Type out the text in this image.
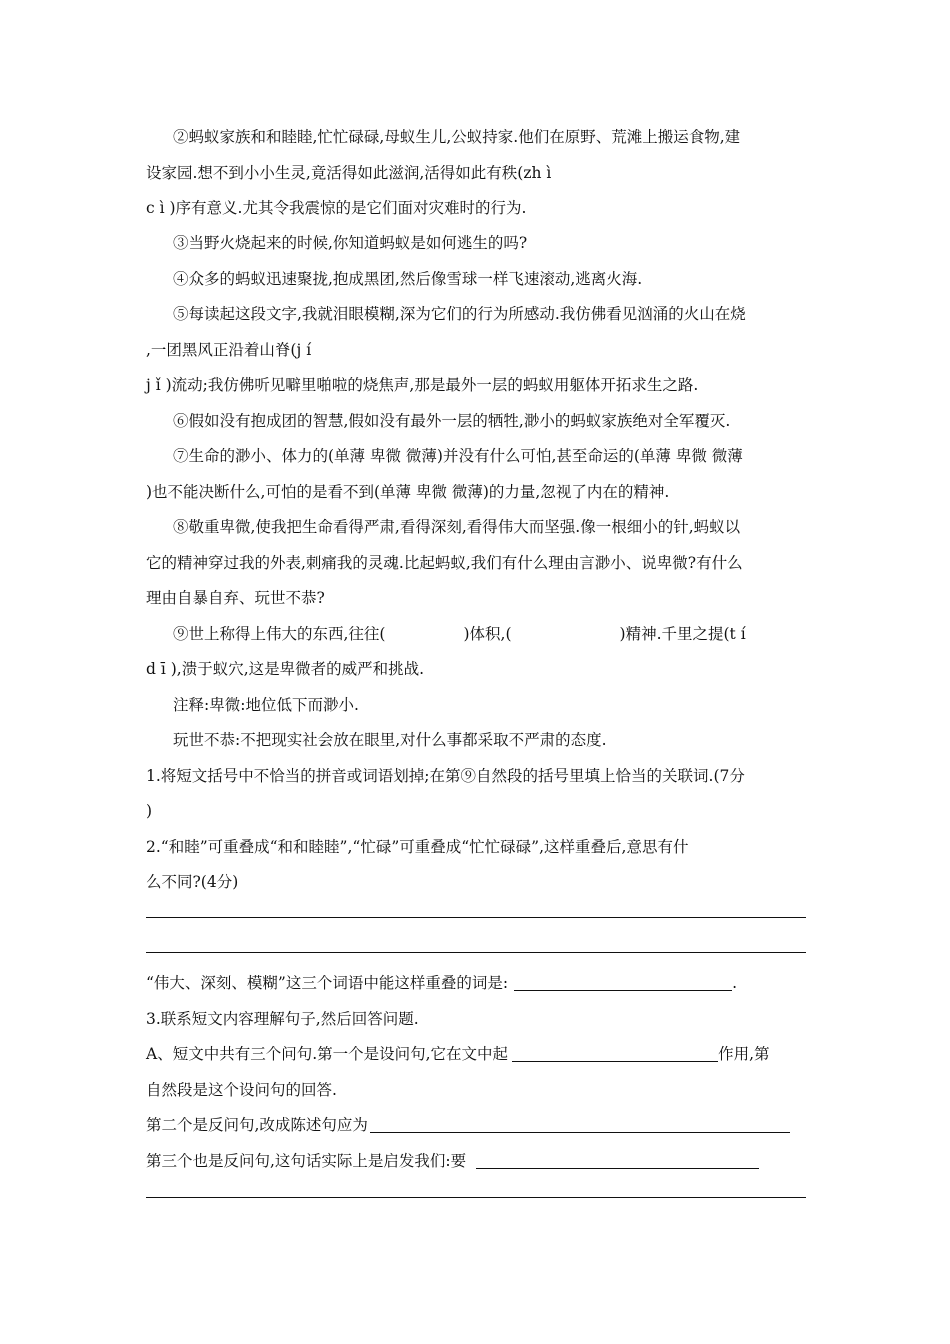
②蚂蚁家族和和睦睦,忙忙碌碌,母蚁生儿,公蚁持家.他们在原野、荒滩上搬运食物,建
设家园.想不到小小生灵,竟活得如此滋润,活得如此有秩(zh ì
c ì )序有意义.尤其令我震惊的是它们面对灾难时的行为.
③当野火烧起来的时候,你知道蚂蚁是如何逃生的吗?
④众多的蚂蚁迅速聚拢,抱成黑团,然后像雪球一样飞速滚动,逃离火海.
⑤每读起这段文字,我就泪眼模糊,深为它们的行为所感动.我仿佛看见汹涌的火山在烧
,一团黑风正沿着山脊(j í
j ǐ )流动;我仿佛听见噼里啪啦的烧焦声,那是最外一层的蚂蚁用躯体开拓求生之路.
⑥假如没有抱成团的智慧,假如没有最外一层的牺牲,渺小的蚂蚁家族绝对全军覆灭.
⑦生命的渺小、体力的(单薄 卑微 微薄)并没有什么可怕,甚至命运的(单薄 卑微 微薄
)也不能决断什么,可怕的是看不到(单薄 卑微 微薄)的力量,忽视了内在的精神.
⑧敬重卑微,使我把生命看得严肃,看得深刻,看得伟大而坚强.像一根细小的针,蚂蚁以
它的精神穿过我的外表,刺痛我的灵魂.比起蚂蚁,我们有什么理由言渺小、说卑微?有什么
理由自暴自弃、玩世不恭?
⑨世上称得上伟大的东西,往往(	)体积,(	)精神.千里之提(t í
d ī ),溃于蚁穴,这是卑微者的威严和挑战.
注释:卑微:地位低下而渺小.
玩世不恭:不把现实社会放在眼里,对什么事都采取不严肃的态度.
1.将短文括号中不恰当的拼音或词语划掉;在第⑨自然段的括号里填上恰当的关联词.(7分
)
2.“和睦”可重叠成“和和睦睦”,“忙碌”可重叠成“忙忙碌碌”,这样重叠后,意思有什
么不同?(4分)
“伟大、深刻、模糊”这三个词语中能这样重叠的词是:	.
3.联系短文内容理解句子,然后回答问题.
A、短文中共有三个问句.第一个是设问句,它在文中起	作用,第
自然段是这个设问句的回答.
第二个是反问句,改成陈述句应为
第三个也是反问句,这句话实际上是启发我们:要
